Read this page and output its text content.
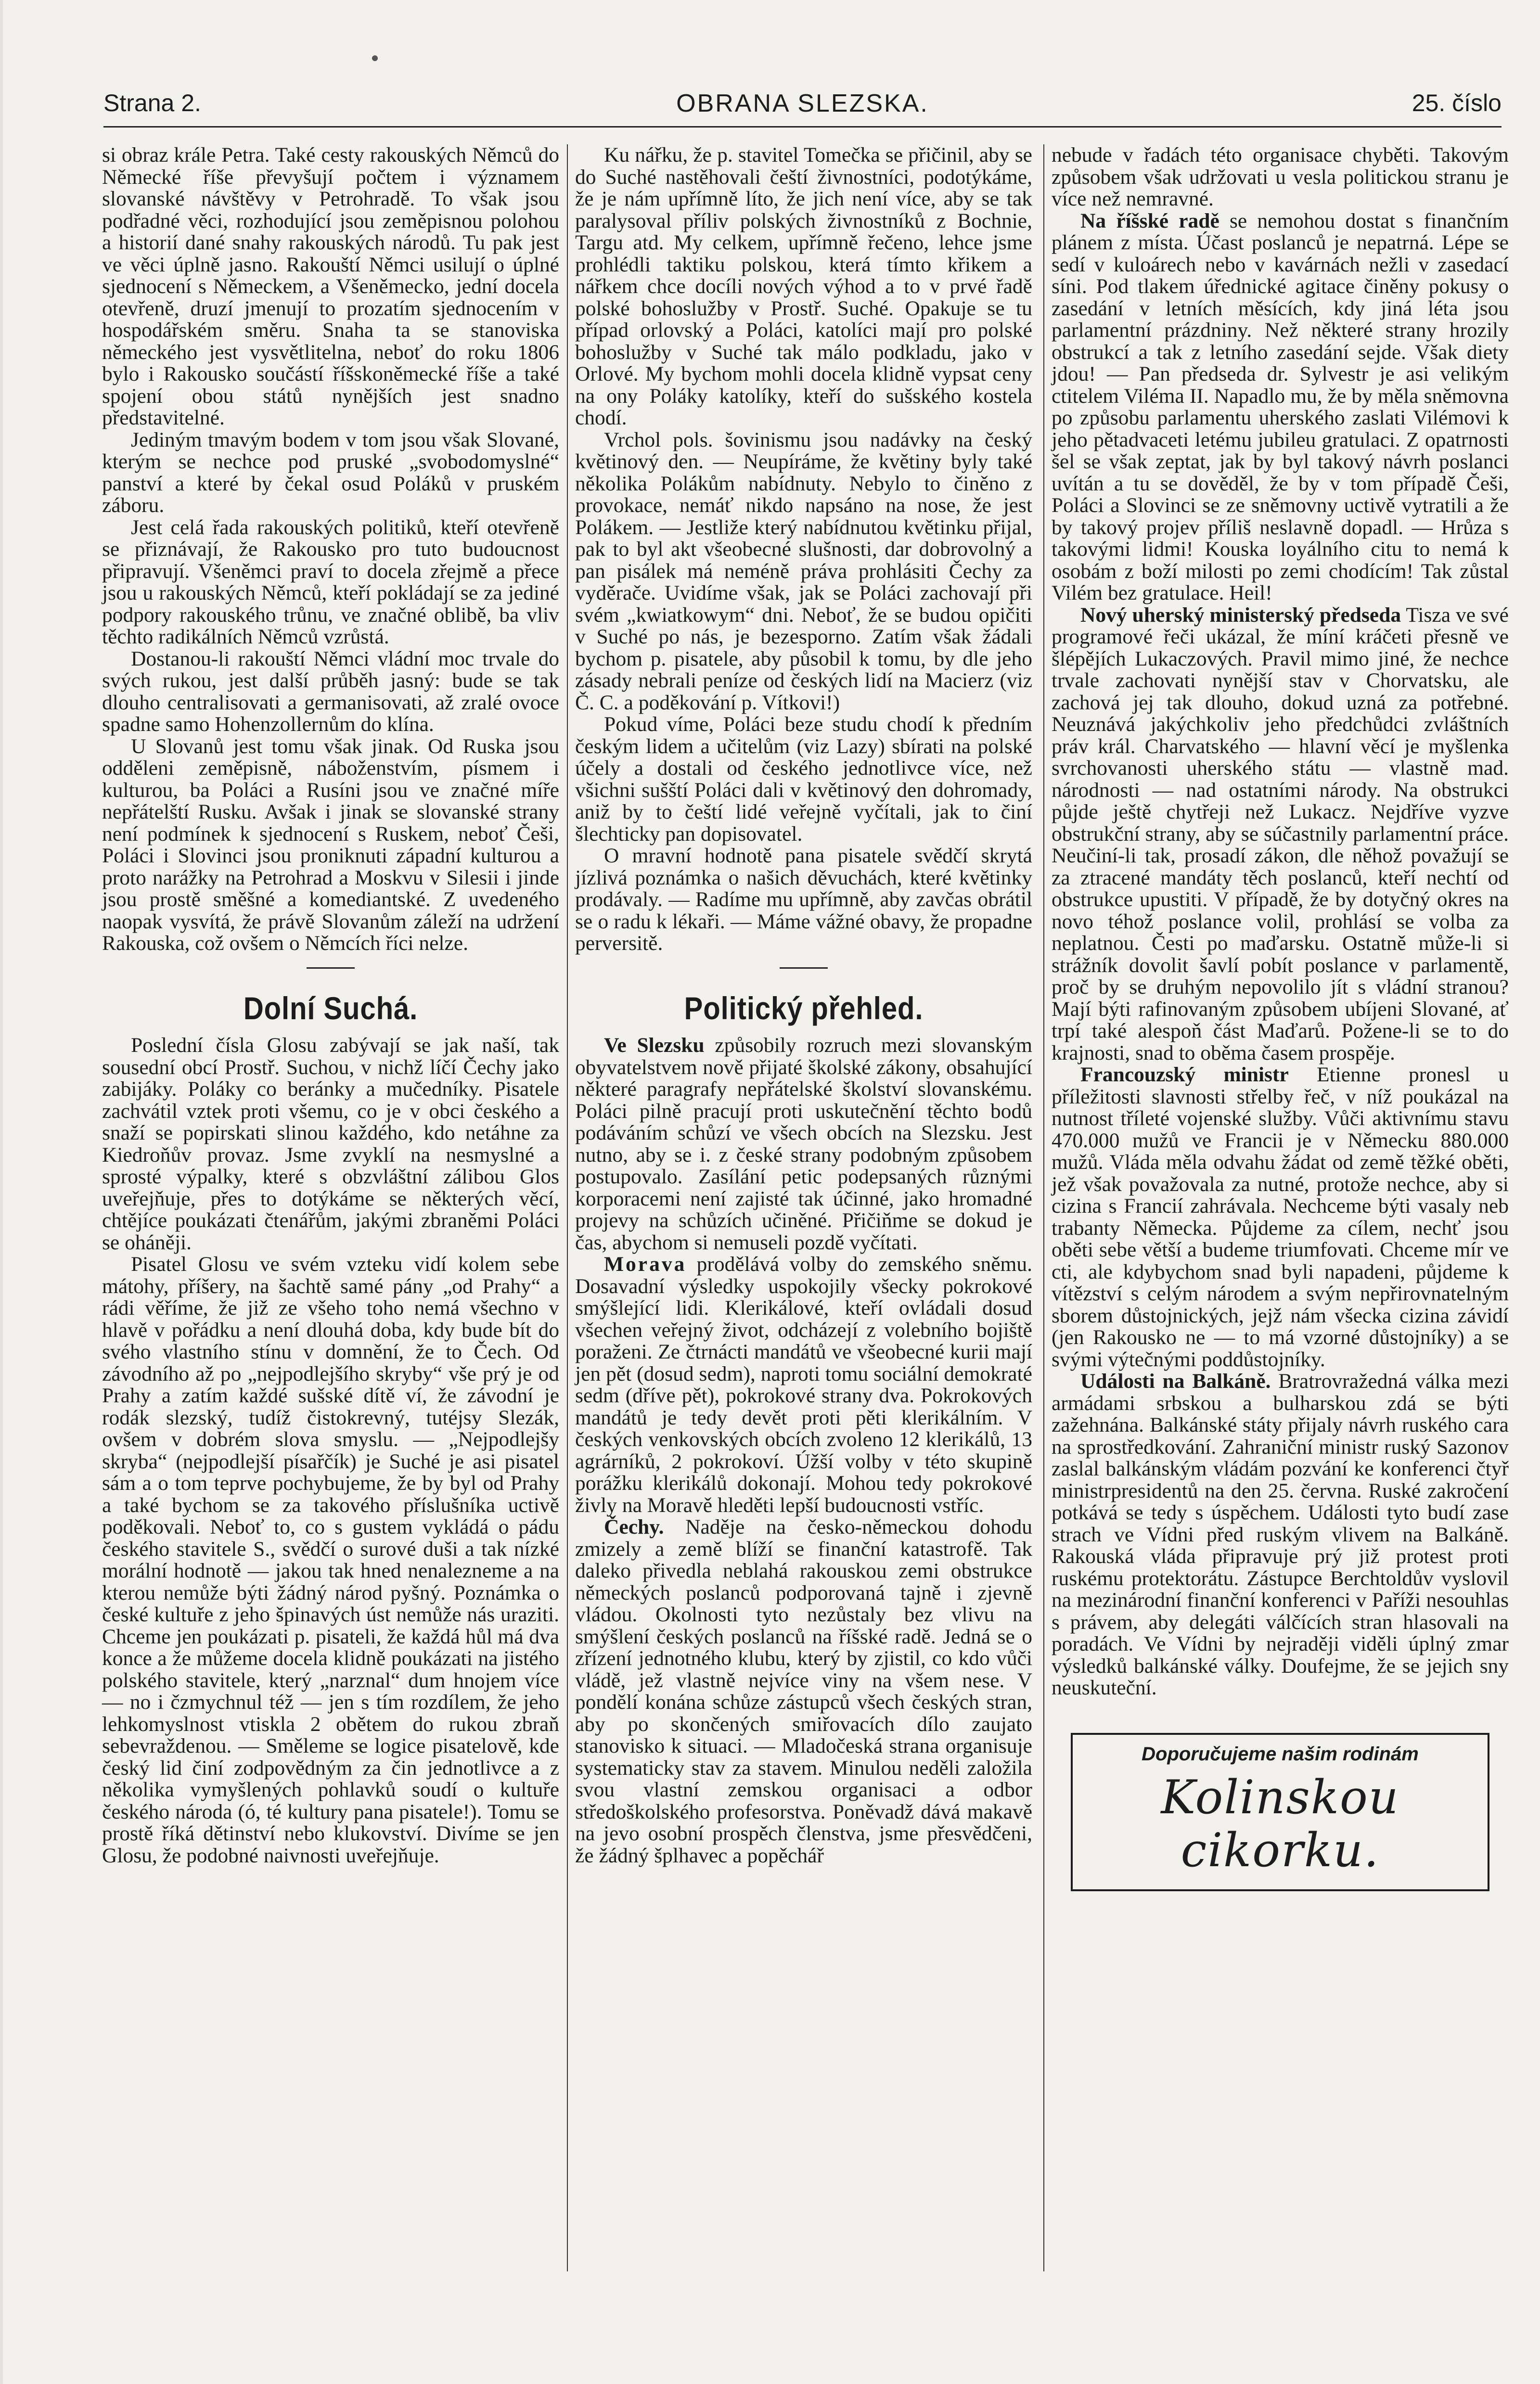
Strana 2.	OBRANA SLEZSKA.	25. číslo

si obraz krále Petra. Také cesty rakouských Němců do Německé říše převyšují počtem i významem slovanské návštěvy v Petrohradě. To však jsou podřadné věci, rozhodující jsou zeměpisnou polohou a historií dané snahy rakouských národů. Tu pak jest ve věci úplně jasno. Rakouští Němci usilují o úplné sjednocení s Německem, a Všeněmecko, jední docela otevřeně, druzí jmenují to prozatím sjednocením v hospodářském směru. Snaha ta se stanoviska německého jest vysvětlitelna, neboť do roku 1806 bylo i Rakousko součástí říšskoněmecké říše a také spojení obou států nynějších jest snadno představitelné.

Jediným tmavým bodem v tom jsou však Slované, kterým se nechce pod pruské „svobodomyslné“ panství a které by čekal osud Poláků v pruském záboru.

Jest celá řada rakouských politiků, kteří otevřeně se přiznávají, že Rakousko pro tuto budoucnost připravují. Všeněmci praví to docela zřejmě a přece jsou u rakouských Němců, kteří pokládají se za jediné podpory rakouského trůnu, ve značné oblibě, ba vliv těchto radikálních Němců vzrůstá.

Dostanou-li rakouští Němci vládní moc trvale do svých rukou, jest další průběh jasný: bude se tak dlouho centralisovati a germanisovati, až zralé ovoce spadne samo Hohenzollernům do klína.

U Slovanů jest tomu však jinak. Od Ruska jsou odděleni zeměpisně, náboženstvím, písmem i kulturou, ba Poláci a Rusíni jsou ve značné míře nepřátelští Rusku. Avšak i jinak se slovanské strany není podmínek k sjednocení s Ruskem, neboť Češi, Poláci i Slovinci jsou proniknuti západní kulturou a proto narážky na Petrohrad a Moskvu v Silesii i jinde jsou prostě směšné a komediantské. Z uvedeného naopak vysvítá, že právě Slovanům záleží na udržení Rakouska, což ovšem o Němcích říci nelze.

Dolní Suchá.

Poslední čísla Glosu zabývají se jak naší, tak sousední obcí Prostř. Suchou, v nichž líčí Čechy jako zabijáky. Poláky co beránky a mučedníky. Pisatele zachvátil vztek proti všemu, co je v obci českého a snaží se popirskati slinou každého, kdo netáhne za Kiedroňův provaz. Jsme zvyklí na nesmyslné a sprosté výpalky, které s obzvláštní zálibou Glos uveřejňuje, přes to dotýkáme se některých věcí, chtějíce poukázati čtenářům, jakými zbraněmi Poláci se oháněji.

Pisatel Glosu ve svém vzteku vidí kolem sebe mátohy, příšery, na šachtě samé pány „od Prahy“ a rádi věříme, že již ze všeho toho nemá všechno v hlavě v pořádku a není dlouhá doba, kdy bude bít do svého vlastního stínu v domnění, že to Čech. Od závodního až po „nejpodlejšího skryby“ vše prý je od Prahy a zatím každé sušské dítě ví, že závodní je rodák slezský, tudíž čistokrevný, tutéjsy Slezák, ovšem v dobrém slova smyslu. — „Nejpodlejšy skryba“ (nejpodlejší písařčík) je Suché je asi pisatel sám a o tom teprve pochybujeme, že by byl od Prahy a také bychom se za takového příslušníka uctivě poděkovali. Neboť to, co s gustem vykládá o pádu českého stavitele S., svědčí o surové duši a tak nízké morální hodnotě — jakou tak hned nenalezneme a na kterou nemůže býti žádný národ pyšný. Poznámka o české kultuře z jeho špinavých úst nemůže nás uraziti. Chceme jen poukázati p. pisateli, že každá hůl má dva konce a že můžeme docela klidně poukázati na jistého polského stavitele, který „narznal“ dum hnojem více — no i čzmychnul též — jen s tím rozdílem, že jeho lehkomyslnost vtiskla 2 obětem do rukou zbraň sebevraždenou. — Směleme se logice pisatelově, kde český lid činí zodpovědným za čin jednotlivce a z několika vymyšlených pohlavků soudí o kultuře českého národa (ó, té kultury pana pisatele!). Tomu se prostě říká dětinství nebo klukovství. Divíme se jen Glosu, že podobné naivnosti uveřejňuje.

Ku nářku, že p. stavitel Tomečka se přičinil, aby se do Suché nastěhovali čeští živnostníci, podotýkáme, že je nám upřímně líto, že jich není více, aby se tak paralysoval příliv polských živnostníků z Bochnie, Targu atd. My celkem, upřímně řečeno, lehce jsme prohlédli taktiku polskou, která tímto křikem a nářkem chce docíli nových výhod a to v prvé řadě polské bohoslužby v Prostř. Suché. Opakuje se tu případ orlovský a Poláci, katolíci mají pro polské bohoslužby v Suché tak málo podkladu, jako v Orlové. My bychom mohli docela klidně vypsat ceny na ony Poláky katolíky, kteří do sušského kostela chodí.

Vrchol pols. šovinismu jsou nadávky na český květinový den. — Neupíráme, že květiny byly také několika Polákům nabídnuty. Nebylo to činěno z provokace, nemáť nikdo napsáno na nose, že jest Polákem. — Jestliže který nabídnutou květinku přijal, pak to byl akt všeobecné slušnosti, dar dobrovolný a pan pisálek má neméně práva prohlásiti Čechy za vyděrače. Uvidíme však, jak se Poláci zachovají při svém „kwiatkowym“ dni. Neboť, že se budou opičiti v Suché po nás, je bezesporno. Zatím však žádali bychom p. pisatele, aby působil k tomu, by dle jeho zásady nebrali peníze od českých lidí na Macierz (viz Č. C. a poděkování p. Vítkovi!)

Pokud víme, Poláci beze studu chodí k předním českým lidem a učitelům (viz Lazy) sbírati na polské účely a dostali od českého jednotlivce více, než všichni sušští Poláci dali v květinový den dohromady, aniž by to čeští lidé veřejně vyčítali, jak to činí šlechticky pan dopisovatel.

O mravní hodnotě pana pisatele svědčí skrytá jízlivá poznámka o našich děvuchách, které květinky prodávaly. — Radíme mu upřímně, aby zavčas obrátil se o radu k lékaři. — Máme vážné obavy, že propadne perversitě.

Politický přehled.

Ve Slezsku způsobily rozruch mezi slovanským obyvatelstvem nově přijaté školské zákony, obsahující některé paragrafy nepřátelské školství slovanskému. Poláci pilně pracují proti uskutečnění těchto bodů podáváním schůzí ve všech obcích na Slezsku. Jest nutno, aby se i. z české strany podobným způsobem postupovalo. Zasílání petic podepsaných různými korporacemi není zajisté tak účinné, jako hromadné projevy na schůzích učiněné. Přičiňme se dokud je čas, abychom si nemuseli pozdě vyčítati.

Morava prodělává volby do zemského sněmu. Dosavadní výsledky uspokojily všecky pokrokové smýšlející lidi. Klerikálové, kteří ovládali dosud všechen veřejný život, odcházejí z volebního bojiště poraženi. Ze čtrnácti mandátů ve všeobecné kurii mají jen pět (dosud sedm), naproti tomu sociální demokraté sedm (dříve pět), pokrokové strany dva. Pokrokových mandátů je tedy devět proti pěti klerikálním. V českých venkovských obcích zvoleno 12 klerikálů, 13 agrárníků, 2 pokrokoví. Úžší volby v této skupině porážku klerikálů dokonají. Mohou tedy pokrokové živly na Moravě hleděti lepší budoucnosti vstříc.

Čechy. Naděje na česko-německou dohodu zmizely a země blíží se finanční katastrofě. Tak daleko přivedla neblahá rakouskou zemi obstrukce německých poslanců podporovaná tajně i zjevně vládou. Okolnosti tyto nezůstaly bez vlivu na smýšlení českých poslanců na říšské radě. Jedná se o zřízení jednotného klubu, který by zjistil, co kdo vůči vládě, jež vlastně nejvíce viny na všem nese. V pondělí konána schůze zástupců všech českých stran, aby po skončených smiřovacích dílo zaujato stanovisko k situaci. — Mladočeská strana organisuje systematicky stav za stavem. Minulou neděli založila svou vlastní zemskou organisaci a odbor středoškolského profesorstva. Poněvadž dává makavě na jevo osobní prospěch členstva, jsme přesvědčeni, že žádný šplhavec a popěchář

nebude v řadách této organisace chyběti. Takovým způsobem však udržovati u vesla politickou stranu je více než nemravné.

Na říšské radě se nemohou dostat s finančním plánem z místa. Účast poslanců je nepatrná. Lépe se sedí v kuloárech nebo v kavárnách nežli v zasedací síni. Pod tlakem úřednické agitace činěny pokusy o zasedání v letních měsících, kdy jiná léta jsou parlamentní prázdniny. Než některé strany hrozily obstrukcí a tak z letního zasedání sejde. Však diety jdou! — Pan předseda dr. Sylvestr je asi velikým ctitelem Viléma II. Napadlo mu, že by měla sněmovna po způsobu parlamentu uherského zaslati Vilémovi k jeho pětadvaceti letému jubileu gratulaci. Z opatrnosti šel se však zeptat, jak by byl takový návrh poslanci uvítán a tu se dověděl, že by v tom případě Češi, Poláci a Slovinci se ze sněmovny uctivě vytratili a že by takový projev příliš neslavně dopadl. — Hrůza s takovými lidmi! Kouska loyálního citu to nemá k osobám z boží milosti po zemi chodícím! Tak zůstal Vilém bez gratulace. Heil!

Nový uherský ministerský předseda Tisza ve své programové řeči ukázal, že míní kráčeti přesně ve šlépějích Lukaczových. Pravil mimo jiné, že nechce trvale zachovati nynější stav v Chorvatsku, ale zachová jej tak dlouho, dokud uzná za potřebné. Neuznává jakýchkoliv jeho předchůdci zvláštních práv král. Charvatského — hlavní věcí je myšlenka svrchovanosti uherského státu — vlastně mad. národnosti — nad ostatními národy. Na obstrukci půjde ještě chytřeji než Lukacz. Nejdříve vyzve obstrukční strany, aby se súčastnily parlamentní práce. Neučiní-li tak, prosadí zákon, dle něhož považují se za ztracené mandáty těch poslanců, kteří nechtí od obstrukce upustiti. V případě, že by dotyčný okres na novo téhož poslance volil, prohlásí se volba za neplatnou. Česti po maďarsku. Ostatně může-li si strážník dovolit šavlí pobít poslance v parlamentě, proč by se druhým nepovolilo jít s vládní stranou? Mají býti rafinovaným způsobem ubíjeni Slované, ať trpí také alespoň část Maďarů. Požene-li se to do krajnosti, snad to oběma časem prospěje.

Francouzský ministr Etienne pronesl u příležitosti slavnosti střelby řeč, v níž poukázal na nutnost tříleté vojenské služby. Vůči aktivnímu stavu 470.000 mužů ve Francii je v Německu 880.000 mužů. Vláda měla odvahu žádat od země těžké oběti, jež však považovala za nutné, protože nechce, aby si cizina s Francií zahrávala. Nechceme býti vasaly neb trabanty Německa. Půjdeme za cílem, nechť jsou oběti sebe větší a budeme triumfovati. Chceme mír ve cti, ale kdybychom snad byli napadeni, půjdeme k vítězství s celým národem a svým nepřirovnatelným sborem důstojnických, jejž nám všecka cizina závidí (jen Rakousko ne — to má vzorné důstojníky) a se svými výtečnými poddůstojníky.

Události na Balkáně. Bratrovražedná válka mezi armádami srbskou a bulharskou zdá se býti zažehnána. Balkánské státy přijaly návrh ruského cara na sprostředkování. Zahraniční ministr ruský Sazonov zaslal balkánským vládám pozvání ke konferenci čtyř ministrpresidentů na den 25. června. Ruské zakročení potkává se tedy s úspěchem. Události tyto budí zase strach ve Vídni před ruským vlivem na Balkáně. Rakouská vláda připravuje prý již protest proti ruskému protektorátu. Zástupce Berchtoldův vyslovil na mezinárodní finanční konferenci v Paříži nesouhlas s právem, aby delegáti válčících stran hlasovali na poradách. Ve Vídni by nejraději viděli úplný zmar výsledků balkánské války. Doufejme, že se jejich sny neuskuteční.

Doporučujeme našim rodinám
Kolinskou cikorku.
